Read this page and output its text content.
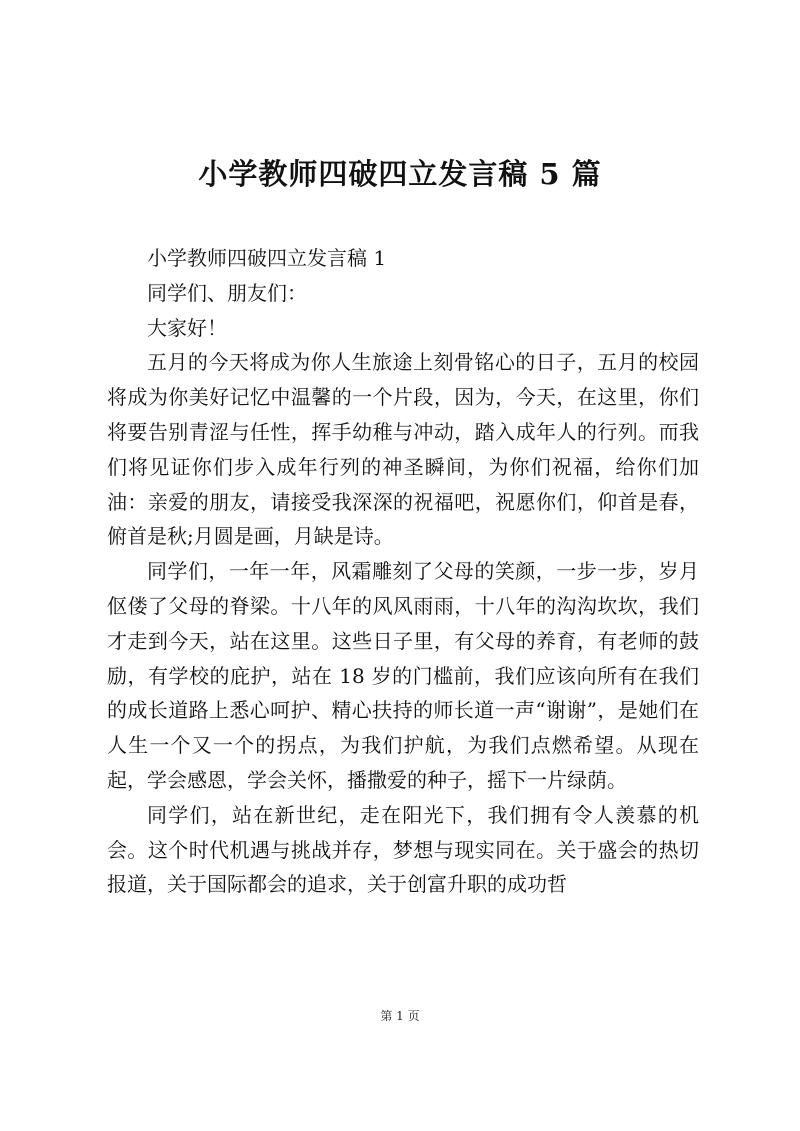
小学教师四破四立发言稿 5 篇

小学教师四破四立发言稿 1

同学们、朋友们：

大家好！

五月的今天将成为你人生旅途上刻骨铭心的日子，五月的校园将成为你美好记忆中温馨的一个片段，因为，今天，在这里，你们将要告别青涩与任性，挥手幼稚与冲动，踏入成年人的行列。而我们将见证你们步入成年行列的神圣瞬间，为你们祝福，给你们加油：亲爱的朋友，请接受我深深的祝福吧，祝愿你们，仰首是春，俯首是秋;月圆是画，月缺是诗。

同学们，一年一年，风霜雕刻了父母的笑颜，一步一步，岁月伛偻了父母的脊梁。十八年的风风雨雨，十八年的沟沟坎坎，我们才走到今天，站在这里。这些日子里，有父母的养育，有老师的鼓励，有学校的庇护，站在 18 岁的门槛前，我们应该向所有在我们的成长道路上悉心呵护、精心扶持的师长道一声“谢谢”，是她们在人生一个又一个的拐点，为我们护航，为我们点燃希望。从现在起，学会感恩，学会关怀，播撒爱的种子，摇下一片绿荫。

同学们，站在新世纪，走在阳光下，我们拥有令人羡慕的机会。这个时代机遇与挑战并存，梦想与现实同在。关于盛会的热切报道，关于国际都会的追求，关于创富升职的成功哲

第 1 页
